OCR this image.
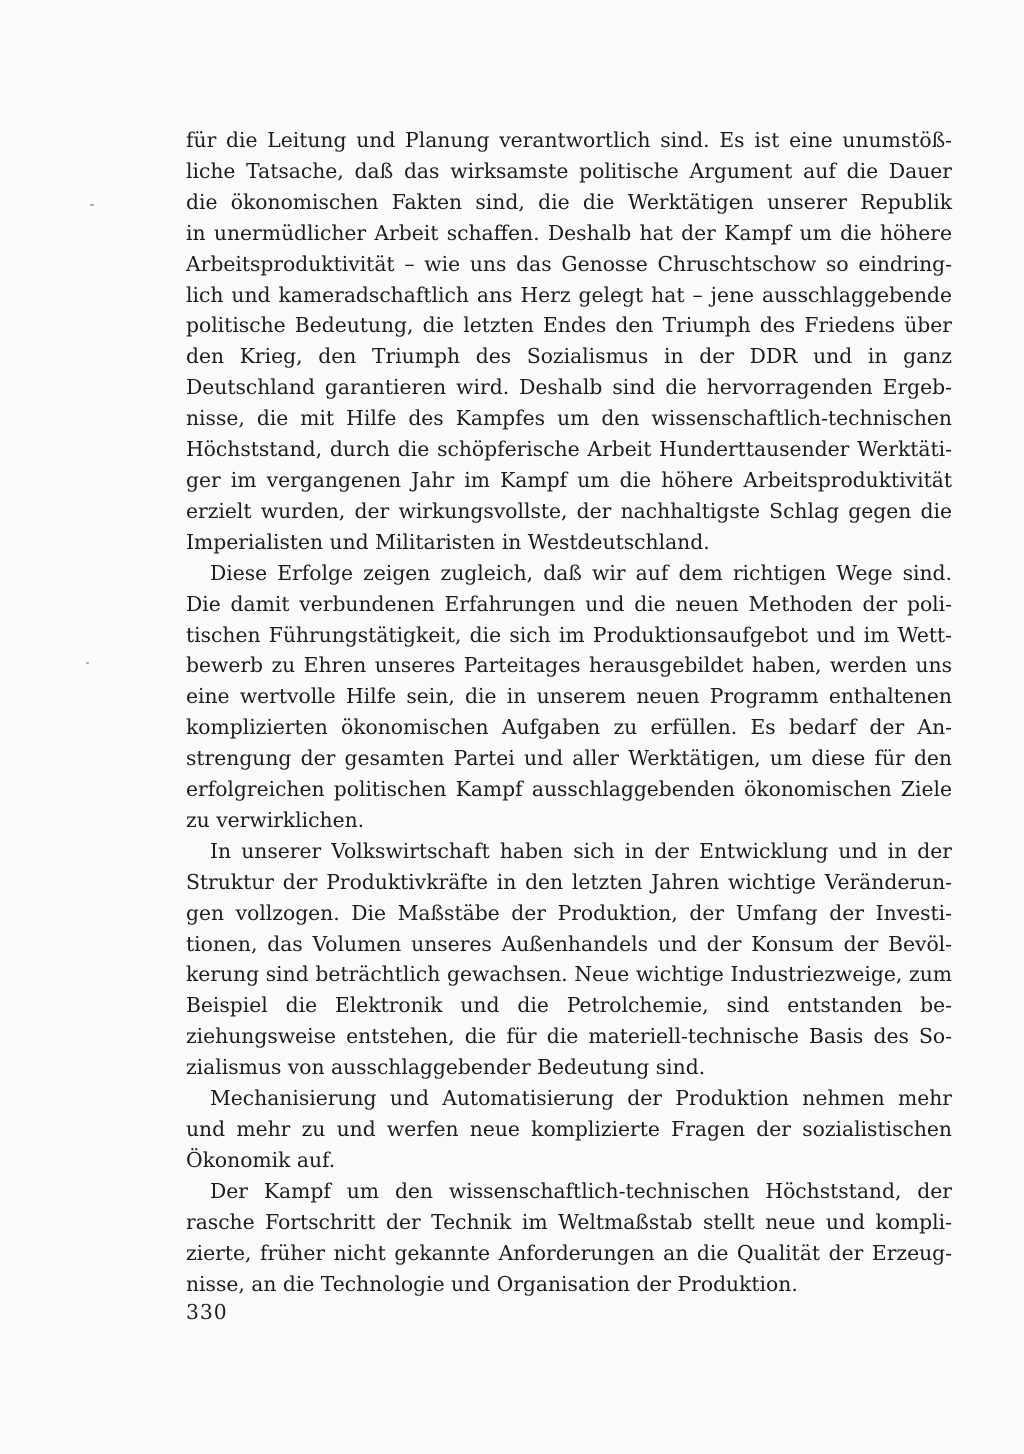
für die Leitung und Planung verantwortlich sind. Es ist eine unumstöß-
liche Tatsache, daß das wirksamste politische Argument auf die Dauer
die ökonomischen Fakten sind, die die Werktätigen unserer Republik
in unermüdlicher Arbeit schaffen. Deshalb hat der Kampf um die höhere
Arbeitsproduktivität – wie uns das Genosse Chruschtschow so eindring-
lich und kameradschaftlich ans Herz gelegt hat – jene ausschlaggebende
politische Bedeutung, die letzten Endes den Triumph des Friedens über
den Krieg, den Triumph des Sozialismus in der DDR und in ganz
Deutschland garantieren wird. Deshalb sind die hervorragenden Ergeb-
nisse, die mit Hilfe des Kampfes um den wissenschaftlich-technischen
Höchststand, durch die schöpferische Arbeit Hunderttausender Werktäti-
ger im vergangenen Jahr im Kampf um die höhere Arbeitsproduktivität
erzielt wurden, der wirkungsvollste, der nachhaltigste Schlag gegen die
Imperialisten und Militaristen in Westdeutschland.
Diese Erfolge zeigen zugleich, daß wir auf dem richtigen Wege sind.
Die damit verbundenen Erfahrungen und die neuen Methoden der poli-
tischen Führungstätigkeit, die sich im Produktionsaufgebot und im Wett-
bewerb zu Ehren unseres Parteitages herausgebildet haben, werden uns
eine wertvolle Hilfe sein, die in unserem neuen Programm enthaltenen
komplizierten ökonomischen Aufgaben zu erfüllen. Es bedarf der An-
strengung der gesamten Partei und aller Werktätigen, um diese für den
erfolgreichen politischen Kampf ausschlaggebenden ökonomischen Ziele
zu verwirklichen.
In unserer Volkswirtschaft haben sich in der Entwicklung und in der
Struktur der Produktivkräfte in den letzten Jahren wichtige Veränderun-
gen vollzogen. Die Maßstäbe der Produktion, der Umfang der Investi-
tionen, das Volumen unseres Außenhandels und der Konsum der Bevöl-
kerung sind beträchtlich gewachsen. Neue wichtige Industriezweige, zum
Beispiel die Elektronik und die Petrolchemie, sind entstanden be-
ziehungsweise entstehen, die für die materiell-technische Basis des So-
zialismus von ausschlaggebender Bedeutung sind.
Mechanisierung und Automatisierung der Produktion nehmen mehr
und mehr zu und werfen neue komplizierte Fragen der sozialistischen
Ökonomik auf.
Der Kampf um den wissenschaftlich-technischen Höchststand, der
rasche Fortschritt der Technik im Weltmaßstab stellt neue und kompli-
zierte, früher nicht gekannte Anforderungen an die Qualität der Erzeug-
nisse, an die Technologie und Organisation der Produktion.
330
